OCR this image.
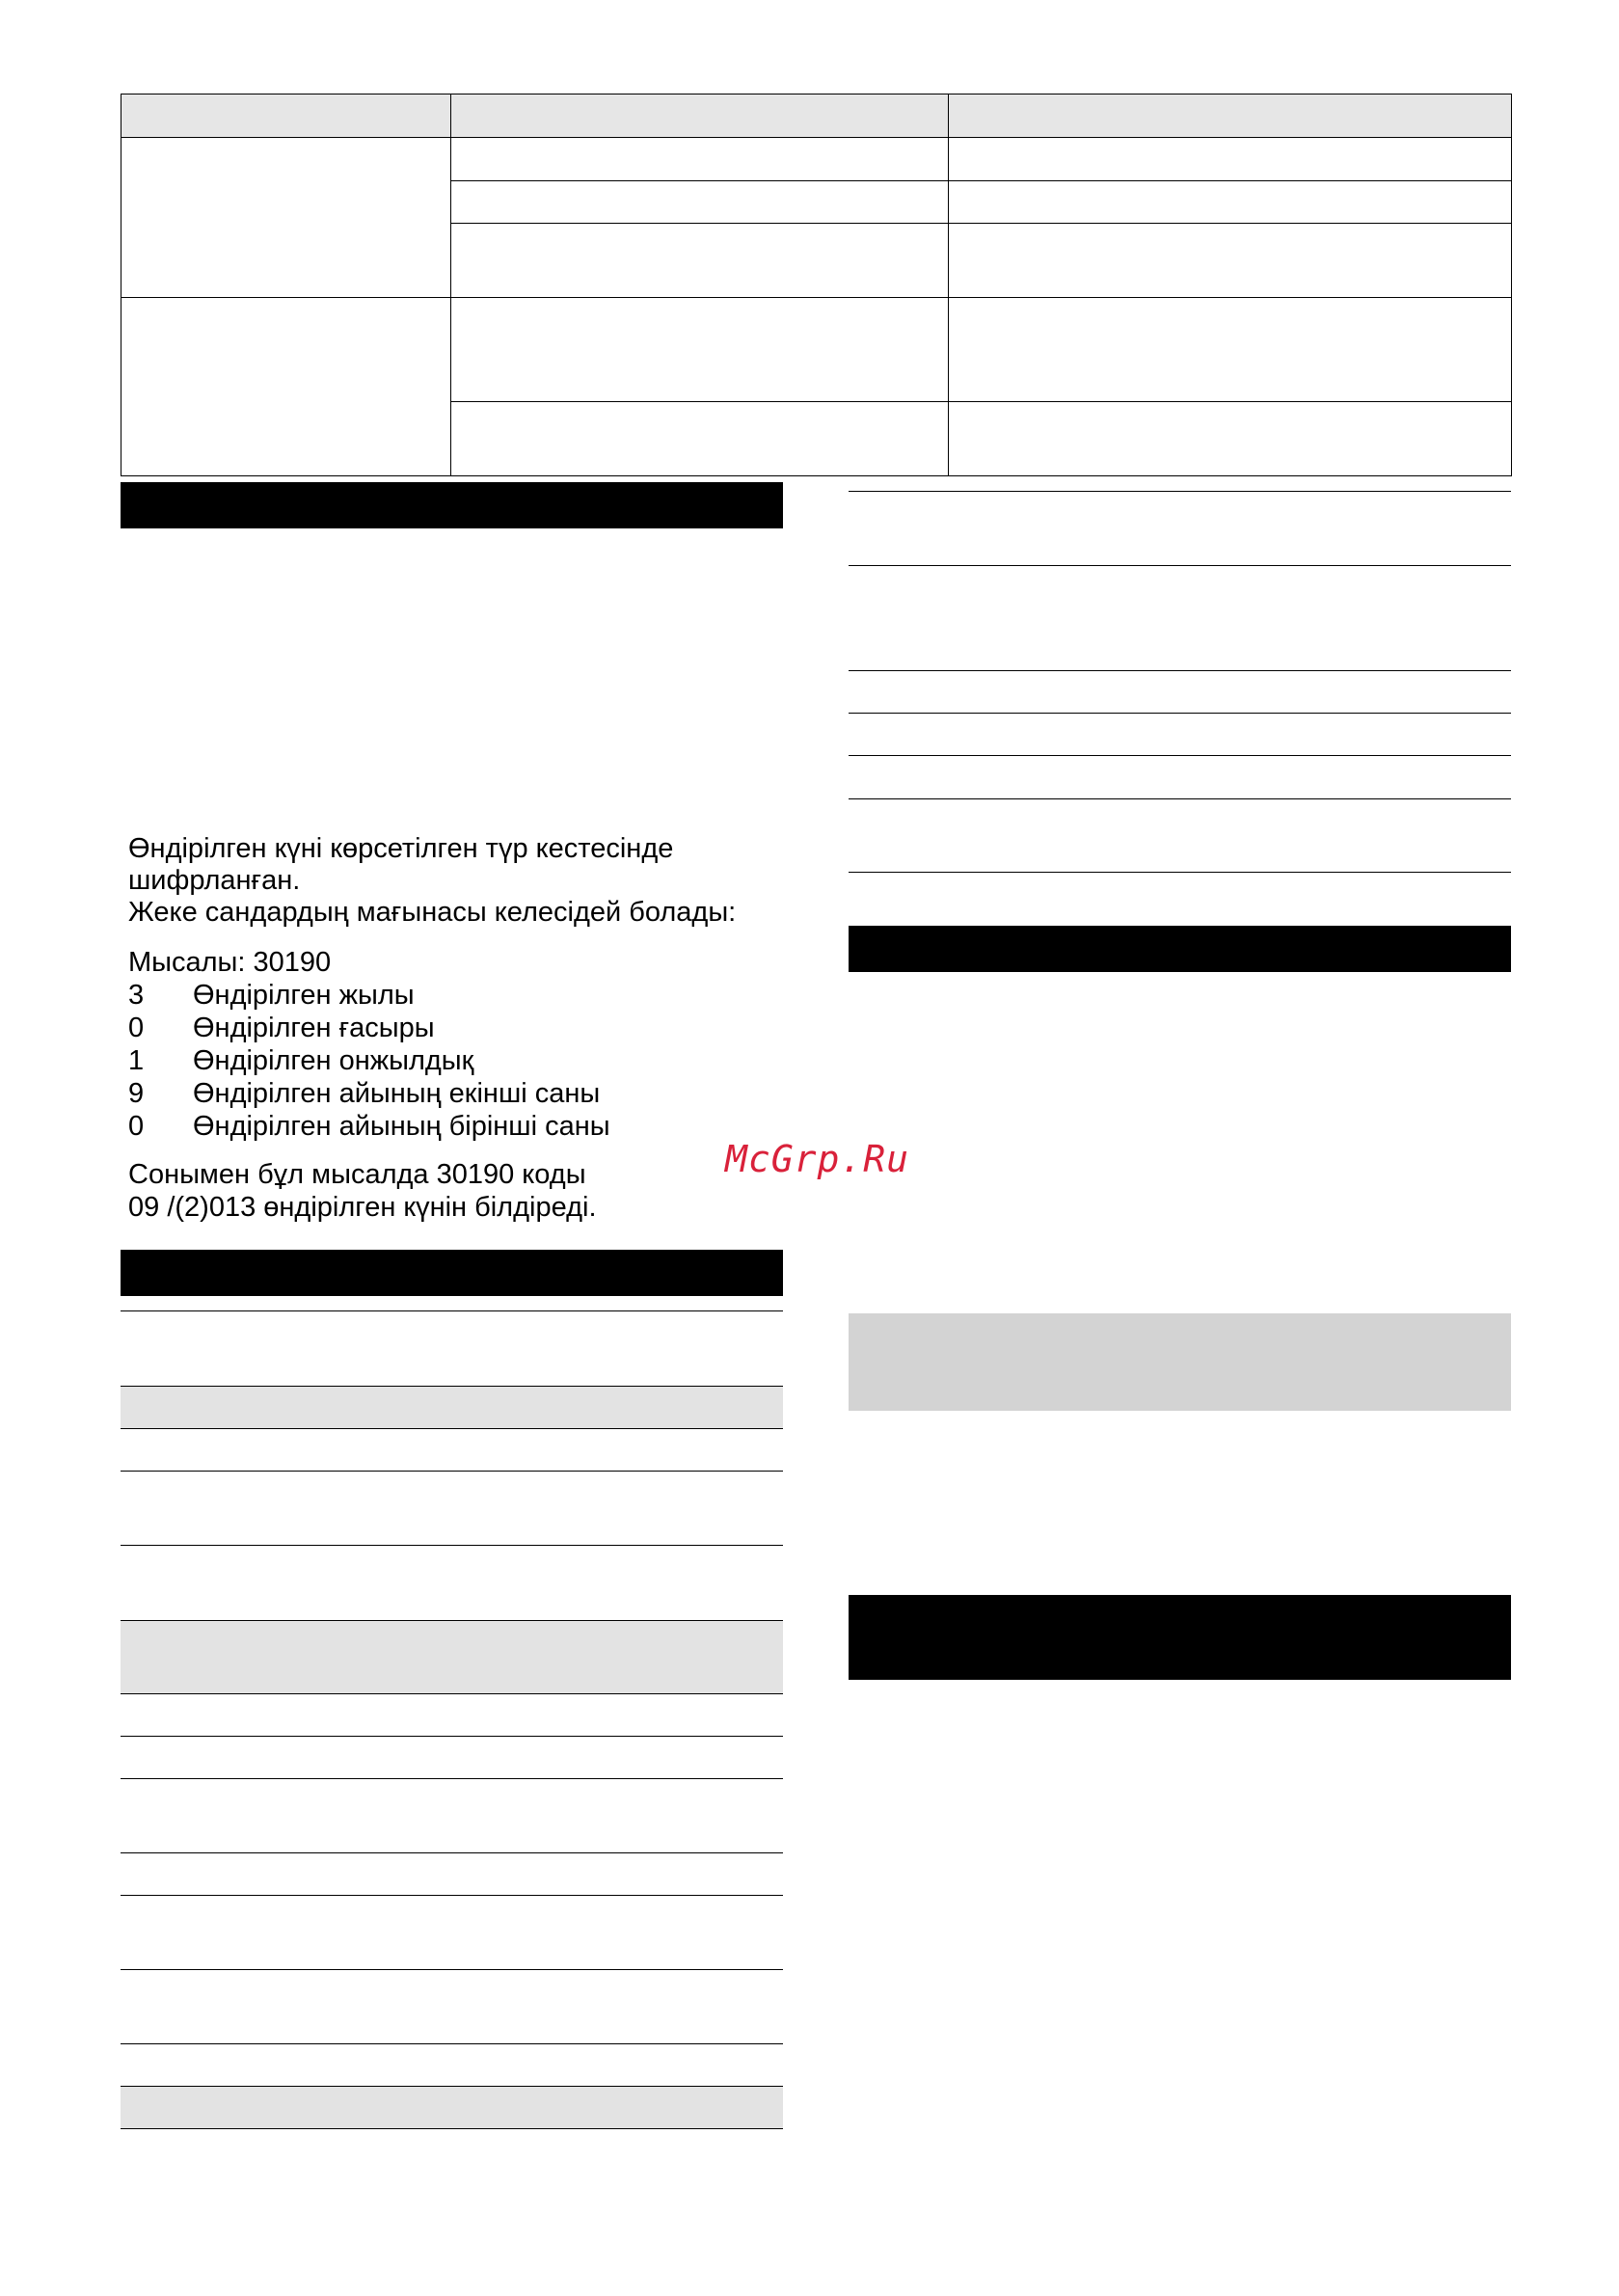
Өндірілген күні көрсетілген түр кестесінде
шифрланған.
Жеке сандардың мағынасы келесідей болады:
Мысалы: 30190
3 Өндірілген жылы
0 Өндірілген ғасыры
1 Өндірілген онжылдық
9 Өндірілген айының екінші саны
0 Өндірілген айының бірінші саны
Сонымен бұл мысалда 30190 коды
09 /(2)013 өндірілген күнін білдіреді.
McGrp.Ru
